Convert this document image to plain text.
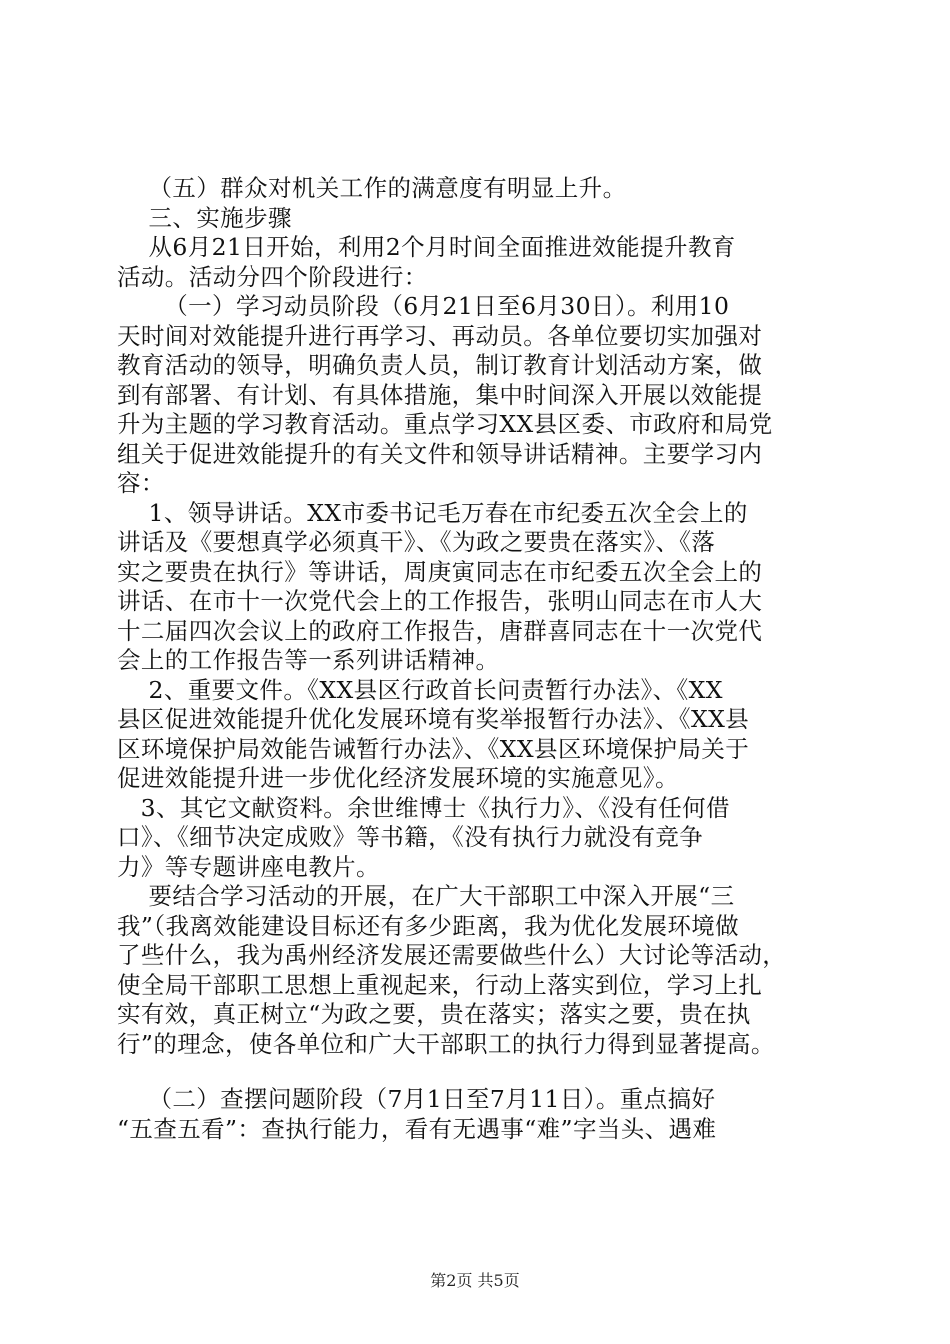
（五）群众对机关工作的满意度有明显上升。
三、实施步骤
从6月21日开始，利用2个月时间全面推进效能提升教育
活动。活动分四个阶段进行：
（一）学习动员阶段（6月21日至6月30日）。利用10
天时间对效能提升进行再学习、再动员。各单位要切实加强对
教育活动的领导，明确负责人员，制订教育计划活动方案，做
到有部署、有计划、有具体措施，集中时间深入开展以效能提
升为主题的学习教育活动。重点学习XX县区委、市政府和局党
组关于促进效能提升的有关文件和领导讲话精神。主要学习内
容：
1、领导讲话。XX市委书记毛万春在市纪委五次全会上的
讲话及《要想真学必须真干》、《为政之要贵在落实》、《落
实之要贵在执行》等讲话，周庚寅同志在市纪委五次全会上的
讲话、在市十一次党代会上的工作报告，张明山同志在市人大
十二届四次会议上的政府工作报告，唐群喜同志在十一次党代
会上的工作报告等一系列讲话精神。
2、重要文件。《XX县区行政首长问责暂行办法》、《XX
县区促进效能提升优化发展环境有奖举报暂行办法》、《XX县
区环境保护局效能告诫暂行办法》、《XX县区环境保护局关于
促进效能提升进一步优化经济发展环境的实施意见》。
3、其它文献资料。余世维博士《执行力》、《没有任何借
口》、《细节决定成败》等书籍，《没有执行力就没有竞争
力》等专题讲座电教片。
要结合学习活动的开展，在广大干部职工中深入开展“三
我”（我离效能建设目标还有多少距离，我为优化发展环境做
了些什么，我为禹州经济发展还需要做些什么）大讨论等活动，
使全局干部职工思想上重视起来，行动上落实到位，学习上扎
实有效，真正树立“为政之要，贵在落实；落实之要，贵在执
行”的理念，使各单位和广大干部职工的执行力得到显著提高。
（二）查摆问题阶段（7月1日至7月11日）。重点搞好
“五查五看”：查执行能力，看有无遇事“难”字当头、遇难
第2页 共5页
